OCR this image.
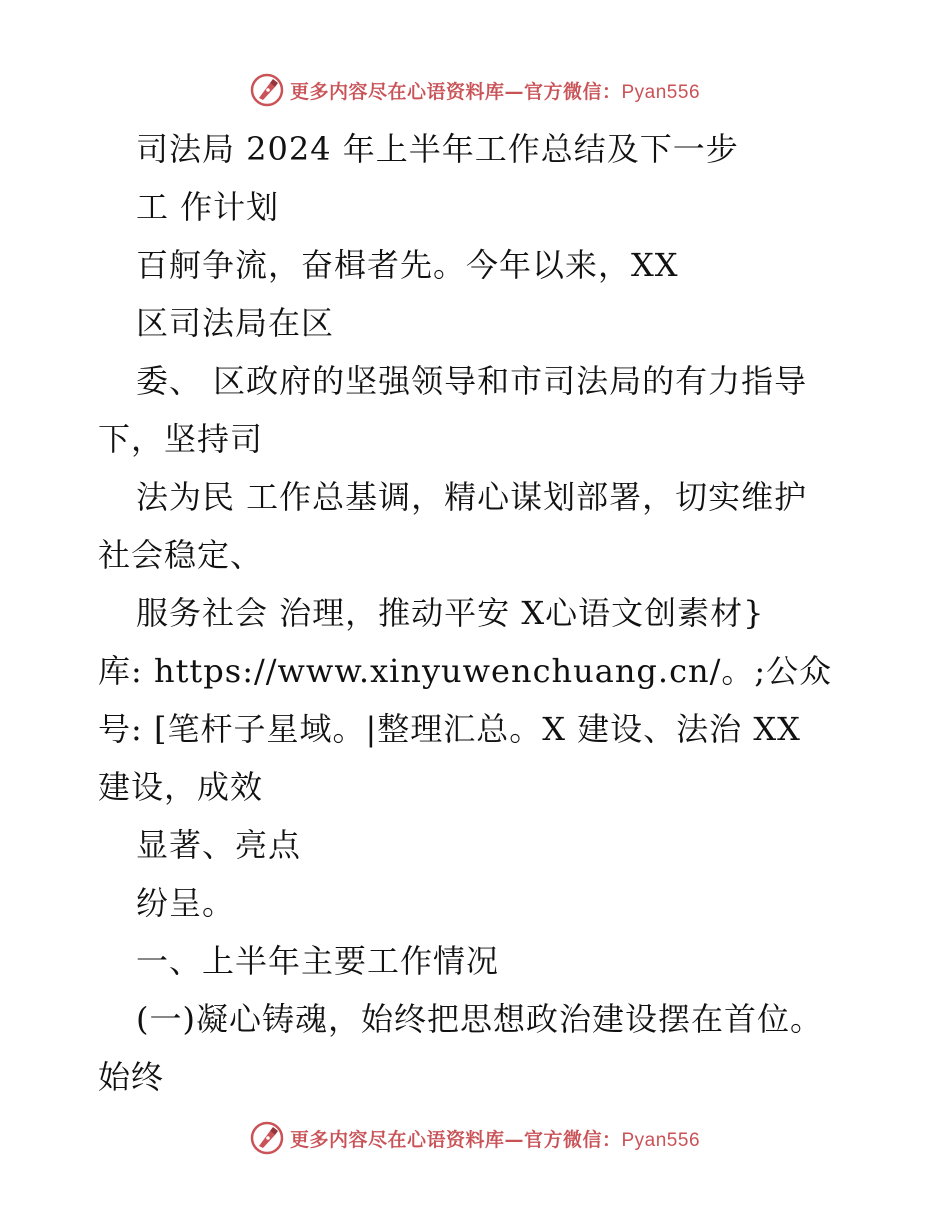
更多内容尽在心语资料库—官方微信：Pyan556
司法局 2024 年上半年工作总结及下一步
工 作计划
百舸争流，奋楫者先。今年以来，XX
区司法局在区
委、 区政府的坚强领导和市司法局的有力指导
下，坚持司
法为民 工作总基调，精心谋划部署，切实维护
社会稳定、
服务社会 治理，推动平安 X心语文创素材}
库: https://www.xinyuwenchuang.cn/。;公众
号: [笔杆子星域。|整理汇总。X 建设、法治 XX
建设，成效
显著、亮点
纷呈。
一、上半年主要工作情况
(一)凝心铸魂，始终把思想政治建设摆在首位。
始终
更多内容尽在心语资料库—官方微信：Pyan556
